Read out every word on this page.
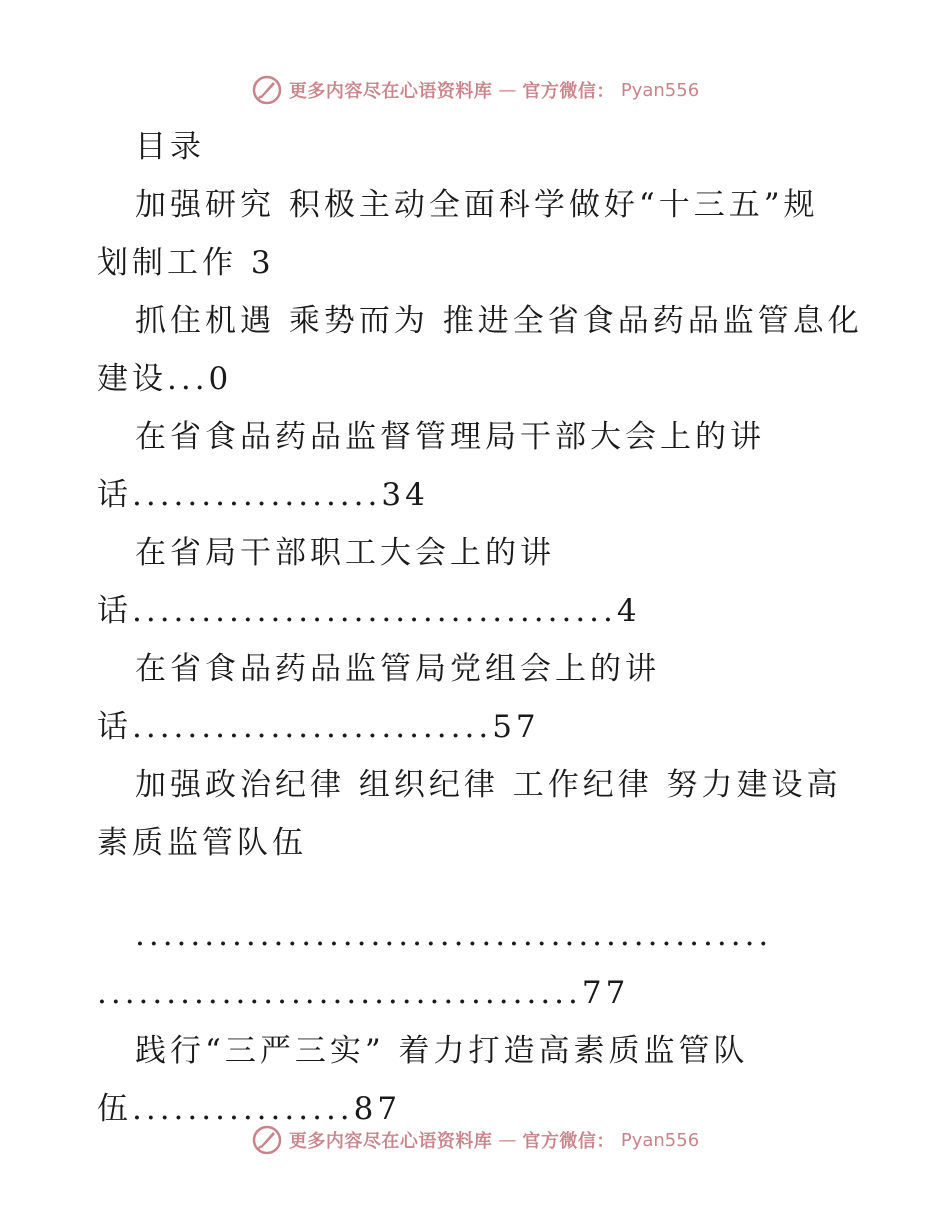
更多内容尽在心语资料库 — 官方微信： Pyan556
目录
加强研究 积极主动全面科学做好“十三五”规
划制工作 3
抓住机遇 乘势而为 推进全省食品药品监管息化
建设...0
在省食品药品监督管理局干部大会上的讲
话..................34
在省局干部职工大会上的讲
话...................................4
在省食品药品监管局党组会上的讲
话..........................57
加强政治纪律 组织纪律 工作纪律 努力建设高
素质监管队伍
..............................................
...................................77
践行“三严三实” 着力打造高素质监管队
伍................87
更多内容尽在心语资料库 — 官方微信： Pyan556
